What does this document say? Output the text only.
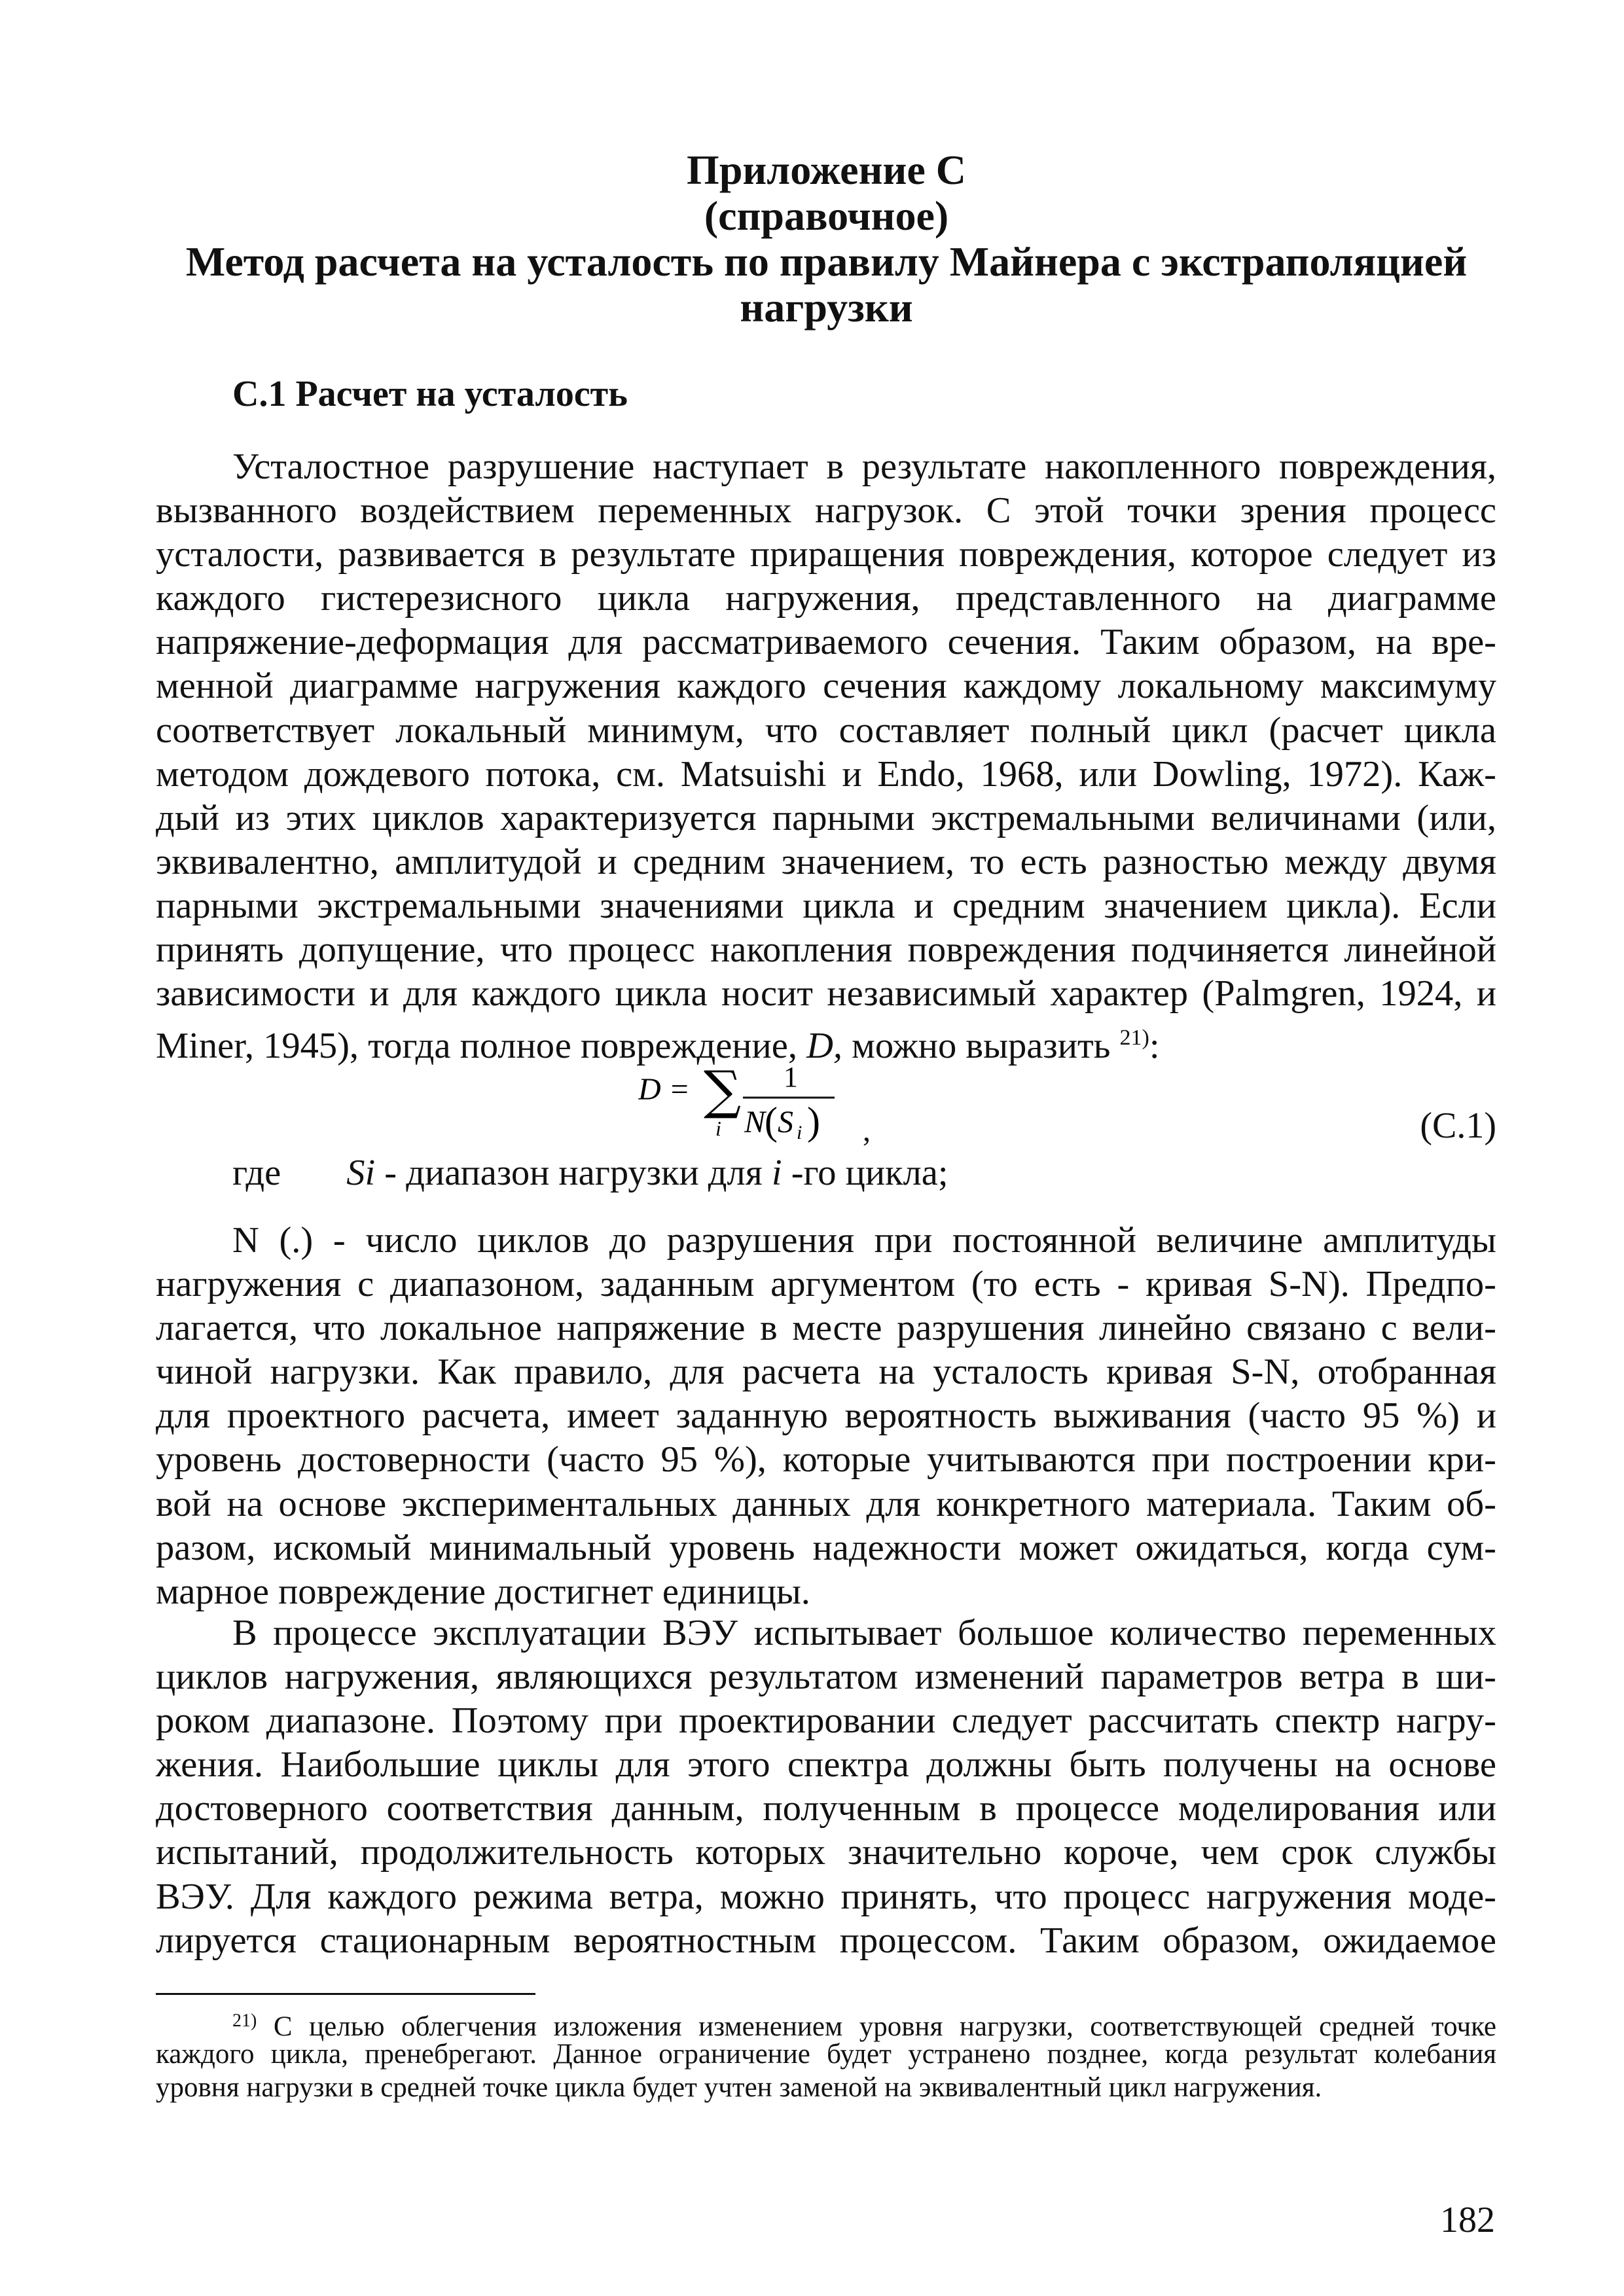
Приложение С
(справочное)
Метод расчета на усталость по правилу Майнера с экстраполяцией
нагрузки
С.1 Расчет на усталость
Усталостное разрушение наступает в результате накопленного повреждения,
вызванного воздействием переменных нагрузок. С этой точки зрения процесс
усталости, развивается в результате приращения повреждения, которое следует из
каждого гистерезисного цикла нагружения, представленного на диаграмме
напряжение-деформация для рассматриваемого сечения. Таким образом, на вре-
менной диаграмме нагружения каждого сечения каждому локальному максимуму
соответствует локальный минимум, что составляет полный цикл (расчет цикла
методом дождевого потока, см. Matsuishi и Endo, 1968, или Dowling, 1972). Каж-
дый из этих циклов характеризуется парными экстремальными величинами (или,
эквивалентно, амплитудой и средним значением, то есть разностью между двумя
парными экстремальными значениями цикла и средним значением цикла). Если
принять допущение, что процесс накопления повреждения подчиняется линейной
зависимости и для каждого цикла носит независимый характер (Palmgren, 1924, и
Miner, 1945), тогда полное повреждение, D, можно выразить $^{21)}$:
D = ∑
i
1
N
( S i ) ,	(С.1)
где Si - диапазон нагрузки для i -го цикла;
N (.) - число циклов до разрушения при постоянной величине амплитуды
нагружения с диапазоном, заданным аргументом (то есть - кривая S-N). Предпо-
лагается, что локальное напряжение в месте разрушения линейно связано с вели-
чиной нагрузки. Как правило, для расчета на усталость кривая S-N, отобранная
для проектного расчета, имеет заданную вероятность выживания (часто 95 %) и
уровень достоверности (часто 95 %), которые учитываются при построении кри-
вой на основе экспериментальных данных для конкретного материала. Таким об-
разом, искомый минимальный уровень надежности может ожидаться, когда сум-
марное повреждение достигнет единицы.
В процессе эксплуатации ВЭУ испытывает большое количество переменных
циклов нагружения, являющихся результатом изменений параметров ветра в ши-
роком диапазоне. Поэтому при проектировании следует рассчитать спектр нагру-
жения. Наибольшие циклы для этого спектра должны быть получены на основе
достоверного соответствия данным, полученным в процессе моделирования или
испытаний, продолжительность которых значительно короче, чем срок службы
ВЭУ. Для каждого режима ветра, можно принять, что процесс нагружения моде-
лируется стационарным вероятностным процессом. Таким образом, ожидаемое
$^{21)}$ С целью облегчения изложения изменением уровня нагрузки, соответствующей средней точке
каждого цикла, пренебрегают. Данное ограничение будет устранено позднее, когда результат колебания
уровня нагрузки в средней точке цикла будет учтен заменой на эквивалентный цикл нагружения.
182
